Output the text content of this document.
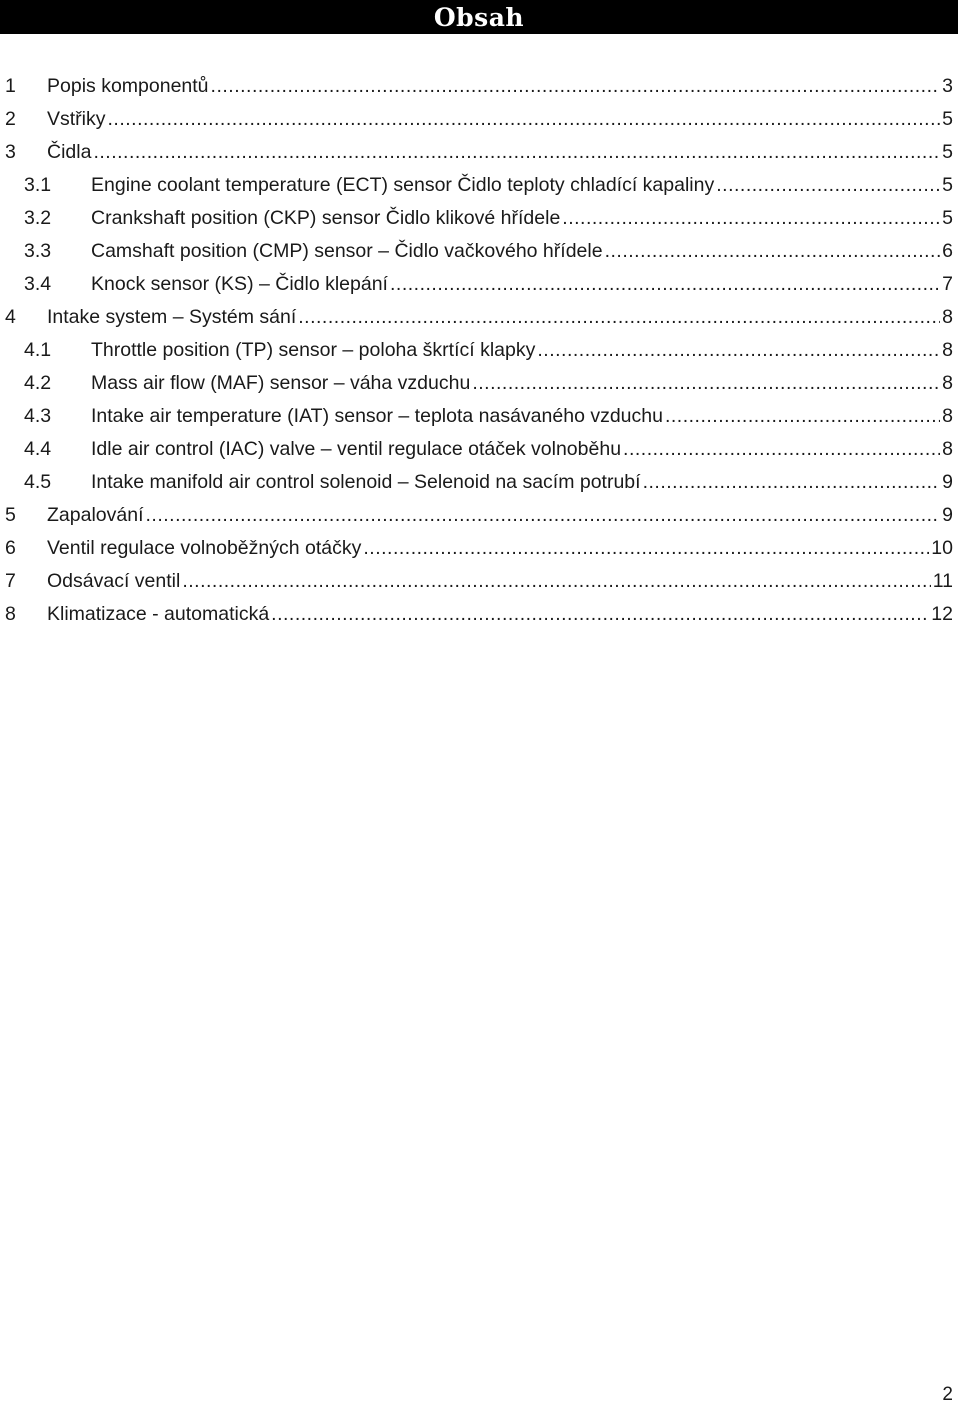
Obsah
1 Popis komponentů .....	3
2 Vstřiky .....	5
3 Čidla .....	5
3.1 Engine coolant temperature (ECT) sensor Čidlo teploty chladící kapaliny .....	5
3.2 Crankshaft position (CKP) sensor Čidlo klikové hřídele .....	5
3.3 Camshaft position (CMP) sensor – Čidlo vačkového hřídele .....	6
3.4 Knock sensor (KS) – Čidlo klepání .....	7
4 Intake system – Systém sání .....	8
4.1 Throttle position (TP) sensor – poloha škrtící klapky .....	8
4.2 Mass air flow (MAF) sensor – váha vzduchu .....	8
4.3 Intake air temperature (IAT) sensor – teplota nasávaného vzduchu .....	8
4.4 Idle air control (IAC) valve – ventil regulace otáček volnoběhu .....	8
4.5 Intake manifold air control solenoid – Selenoid na sacím potrubí .....	9
5 Zapalování .....	9
6 Ventil regulace volnoběžných otáčky .....	10
7 Odsávací ventil .....	11
8 Klimatizace - automatická .....	12
2
